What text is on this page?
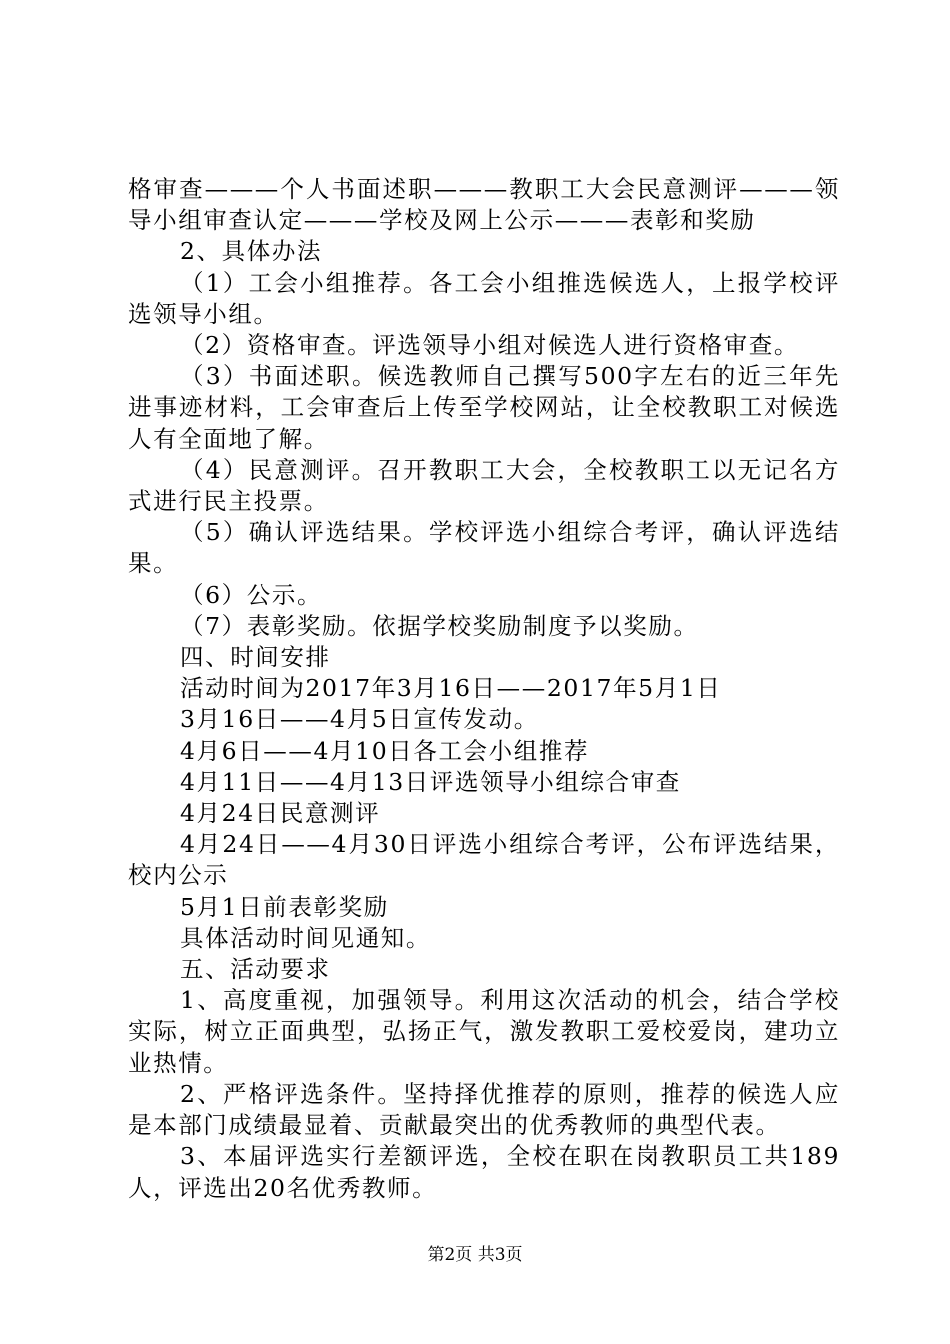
格审查———个人书面述职———教职工大会民意测评———领导小组审查认定———学校及网上公示———表彰和奖励

2、具体办法

（1）工会小组推荐。各工会小组推选候选人，上报学校评选领导小组。

（2）资格审查。评选领导小组对候选人进行资格审查。

（3）书面述职。候选教师自己撰写500字左右的近三年先进事迹材料，工会审查后上传至学校网站，让全校教职工对候选人有全面地了解。

（4）民意测评。召开教职工大会，全校教职工以无记名方式进行民主投票。

（5）确认评选结果。学校评选小组综合考评，确认评选结果。

（6）公示。

（7）表彰奖励。依据学校奖励制度予以奖励。

四、时间安排

活动时间为2017年3月16日——2017年5月1日

3月16日——4月5日宣传发动。

4月6日——4月10日各工会小组推荐

4月11日——4月13日评选领导小组综合审查

4月24日民意测评

4月24日——4月30日评选小组综合考评，公布评选结果，校内公示

5月1日前表彰奖励

具体活动时间见通知。

五、活动要求

1、高度重视，加强领导。利用这次活动的机会，结合学校实际，树立正面典型，弘扬正气，激发教职工爱校爱岗，建功立业热情。

2、严格评选条件。坚持择优推荐的原则，推荐的候选人应是本部门成绩最显着、贡献最突出的优秀教师的典型代表。

3、本届评选实行差额评选，全校在职在岗教职员工共189人，评选出20名优秀教师。

第2页 共3页
